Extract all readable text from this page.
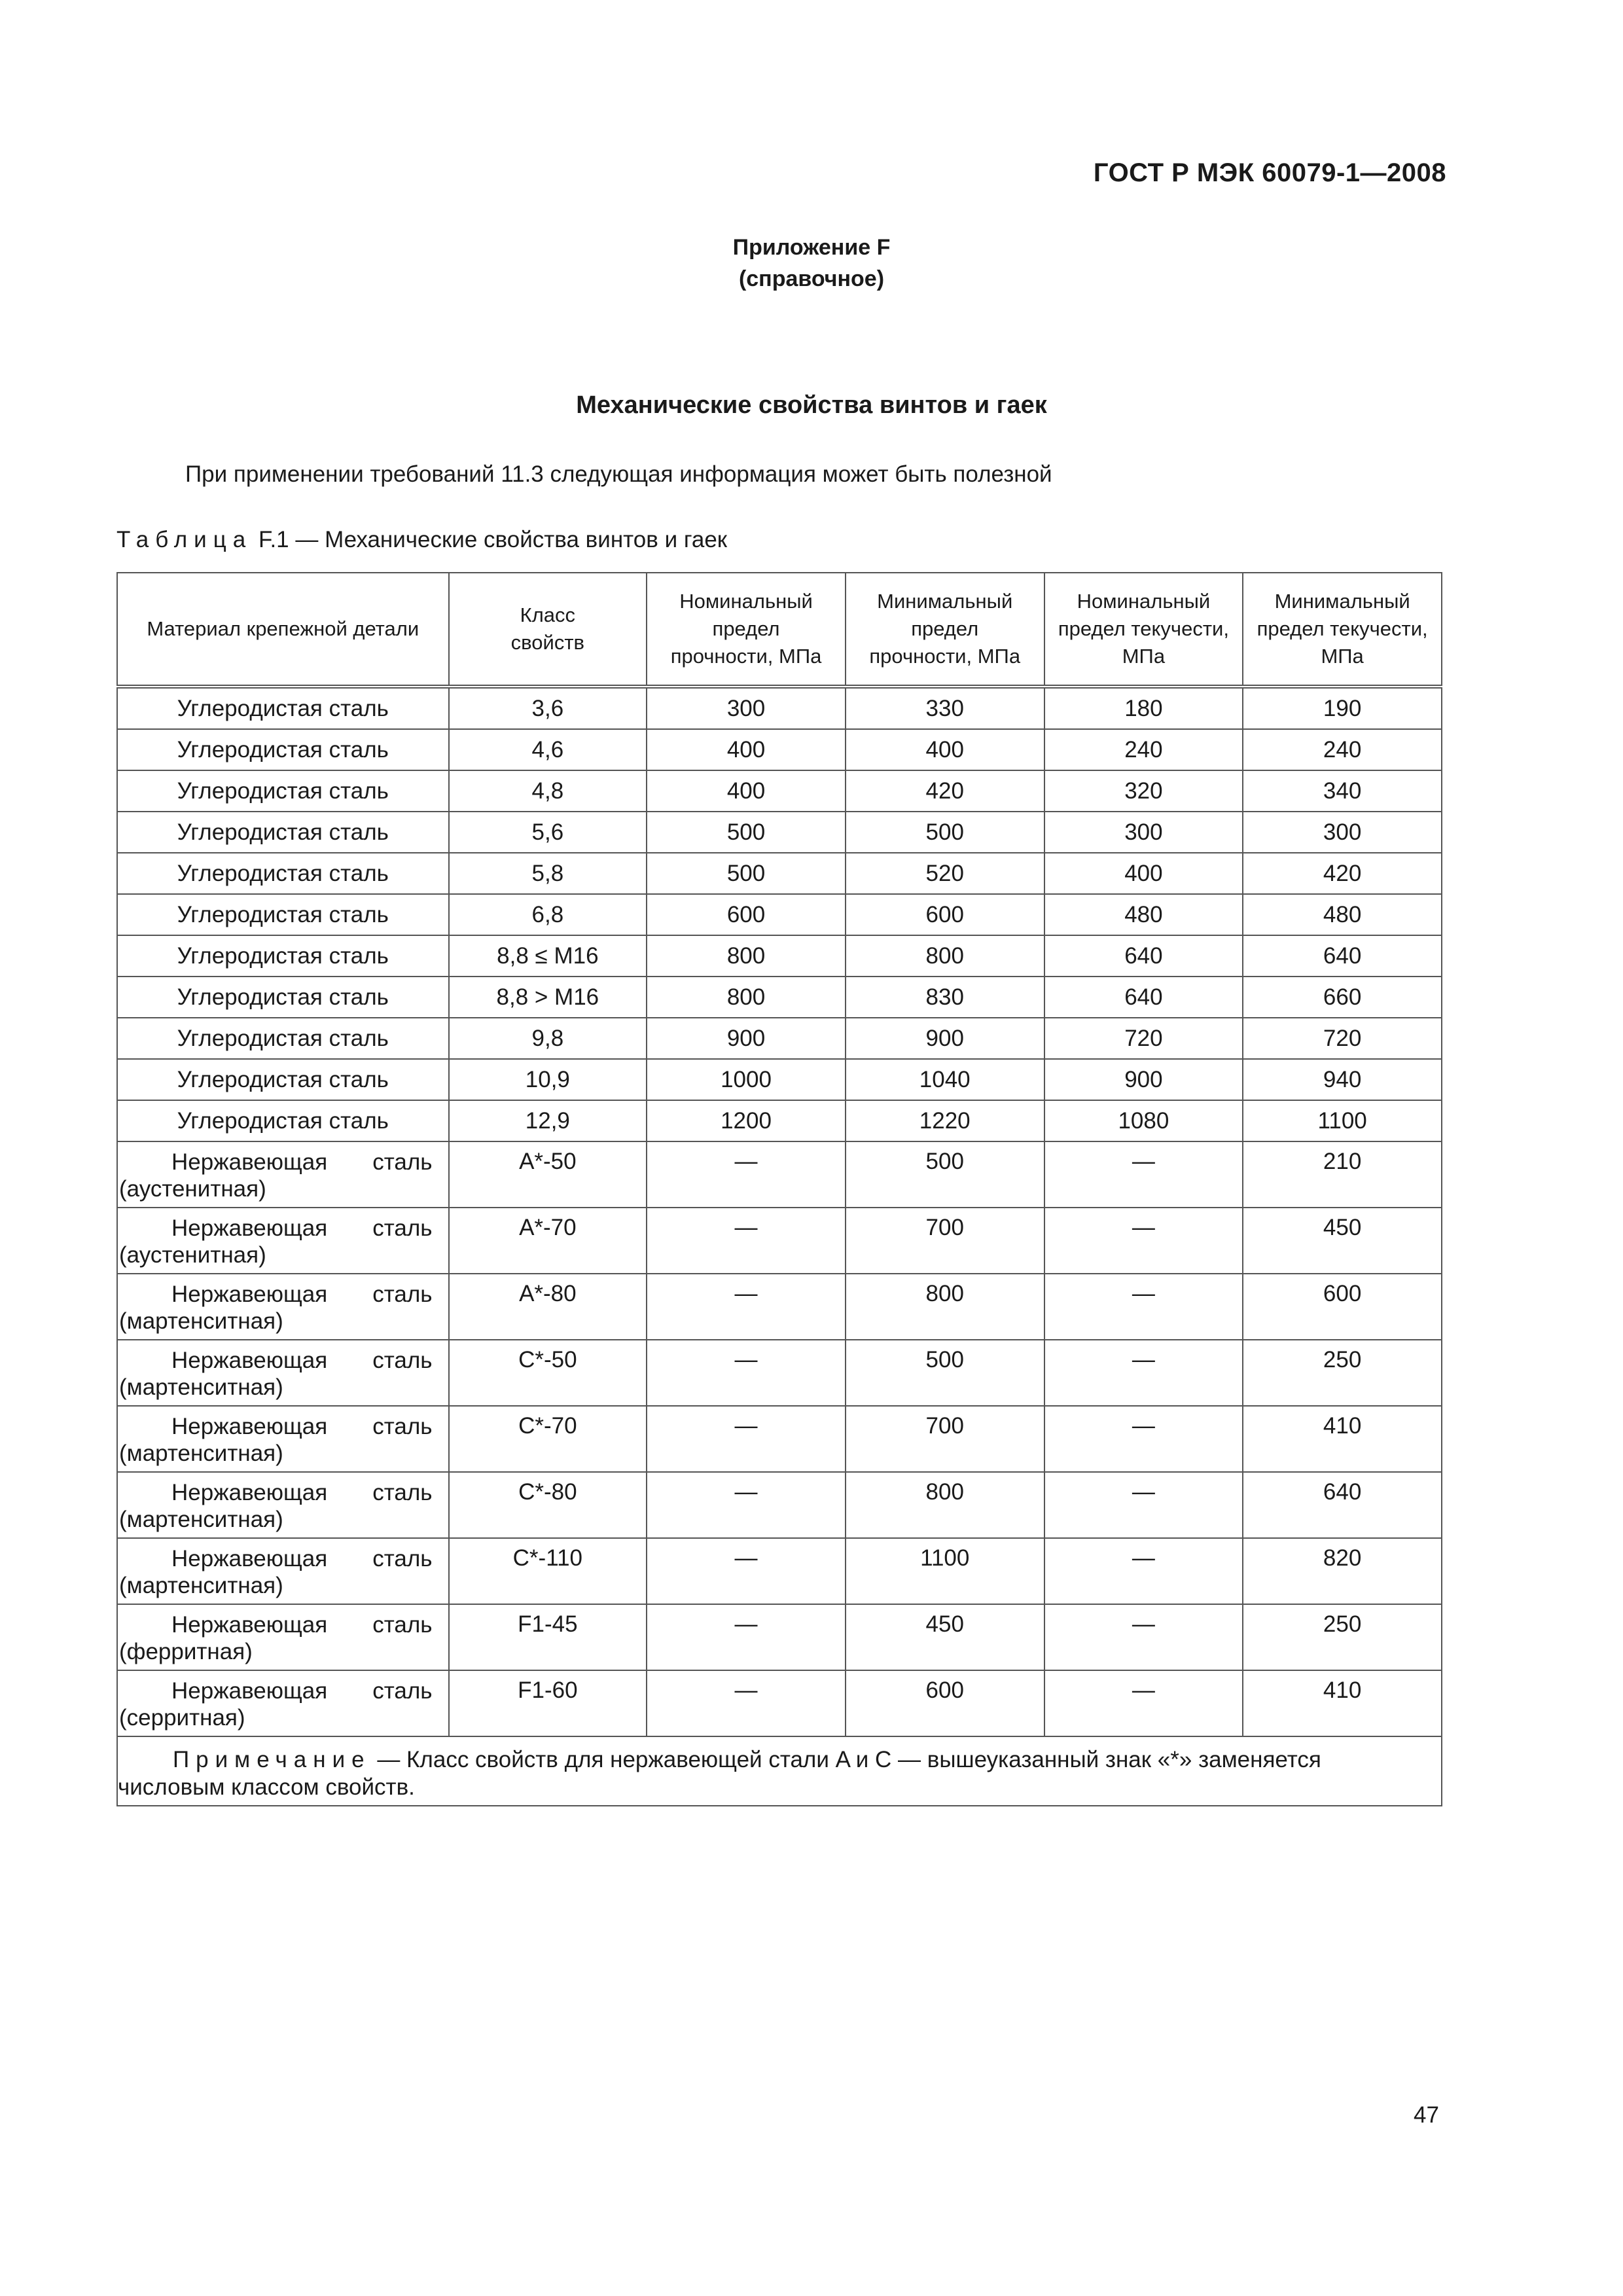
ГОСТ Р МЭК 60079-1—2008
Приложение F
(справочное)
Механические свойства винтов и гаек
При применении требований 11.3 следующая информация может быть полезной
Таблица F.1 — Механические свойства винтов и гаек
Материал крепежной детали	Класс свойств	Номинальный предел прочности, МПа	Минимальный предел прочности, МПа	Номинальный предел текучести, МПа	Минимальный предел текучести, МПа
Углеродистая сталь	3,6	300	330	180	190
Углеродистая сталь	4,6	400	400	240	240
Углеродистая сталь	4,8	400	420	320	340
Углеродистая сталь	5,6	500	500	300	300
Углеродистая сталь	5,8	500	520	400	420
Углеродистая сталь	6,8	600	600	480	480
Углеродистая сталь	8,8 ≤ M16	800	800	640	640
Углеродистая сталь	8,8 > M16	800	830	640	660
Углеродистая сталь	9,8	900	900	720	720
Углеродистая сталь	10,9	1000	1040	900	940
Углеродистая сталь	12,9	1200	1220	1080	1100

Нержавеющая сталь
(аустенитная)	A*-50	—	500	—	210

Нержавеющая сталь
(аустенитная)	A*-70	—	700	—	450

Нержавеющая сталь
(мартенситная)	A*-80	—	800	—	600

Нержавеющая сталь
(мартенситная)	C*-50	—	500	—	250

Нержавеющая сталь
(мартенситная)	C*-70	—	700	—	410

Нержавеющая сталь
(мартенситная)	C*-80	—	800	—	640

Нержавеющая сталь
(мартенситная)	C*-110	—	1100	—	820

Нержавеющая сталь
(ферритная)	F1-45	—	450	—	250

Нержавеющая сталь
(серритная)	F1-60	—	600	—	410
Примечание — Класс свойств для нержавеющей стали A и C — вышеуказанный знак «*» заменяется
числовым классом свойств.					
47
